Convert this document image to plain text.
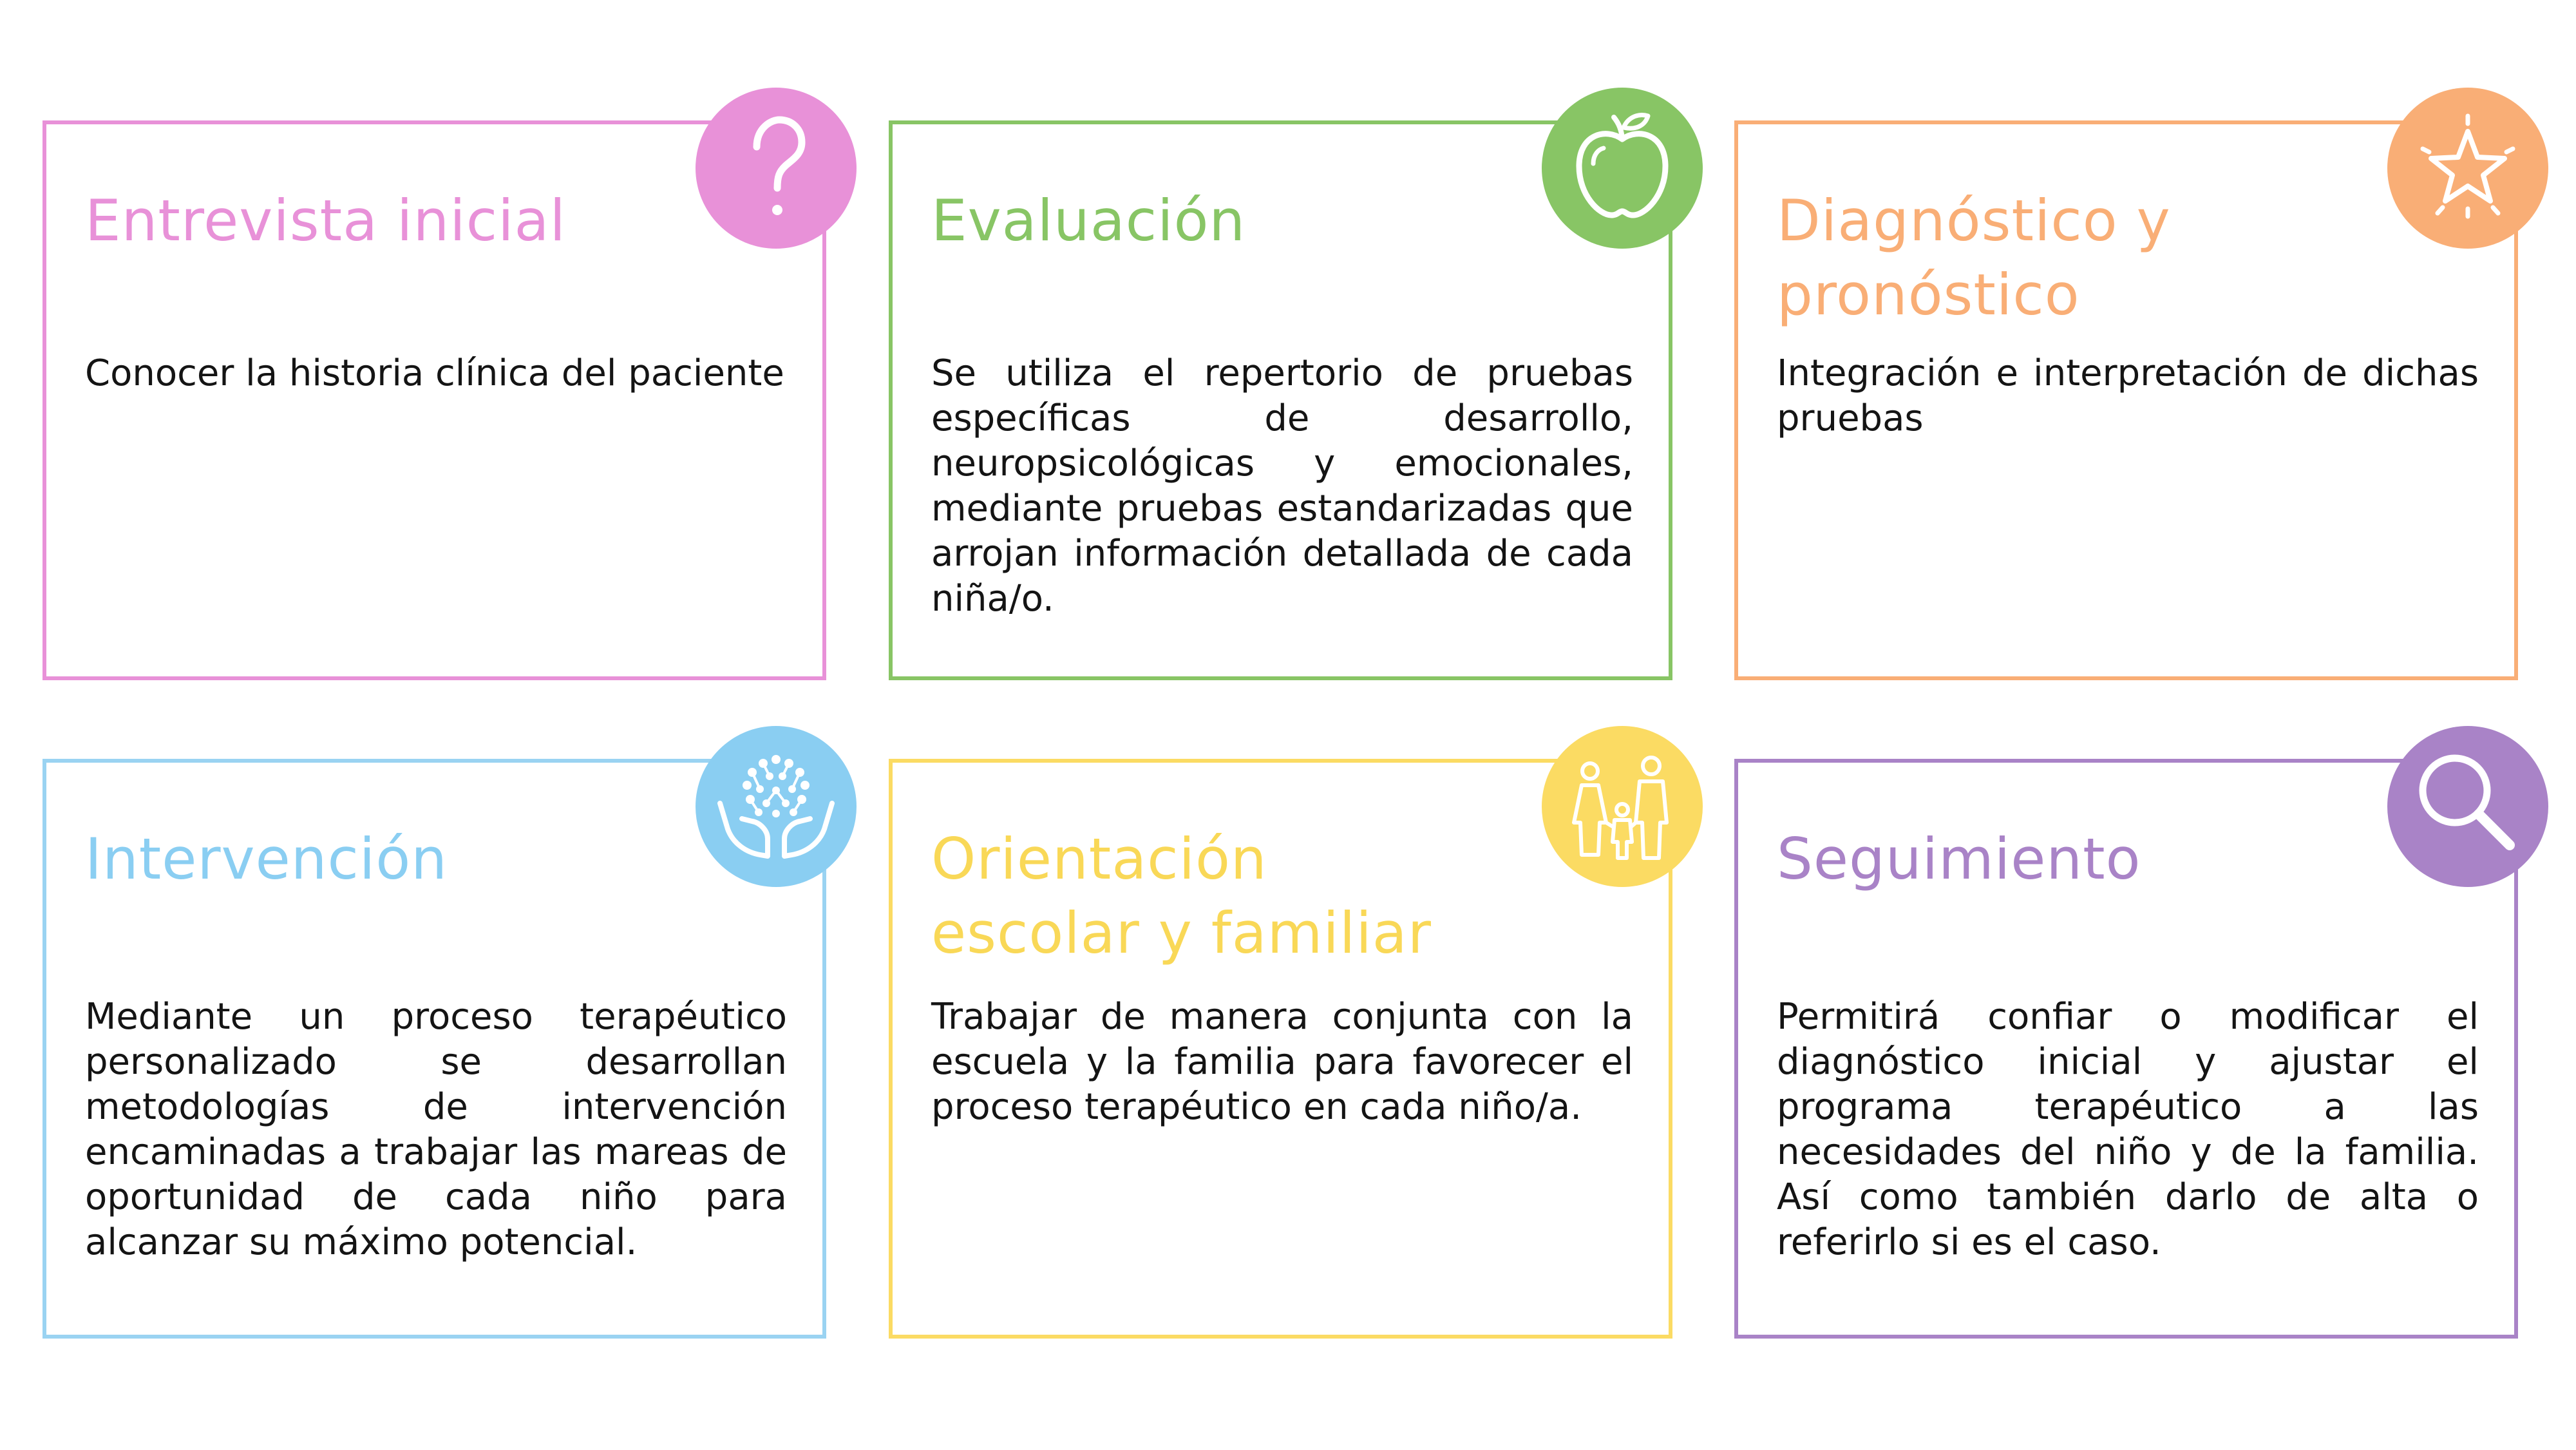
Entrevista inicial
Conocer la historia clínica del paciente
Evaluación
Se utiliza el repertorio de pruebas específicas de desarrollo, neuropsicológicas y emocionales, mediante pruebas estandarizadas que arrojan información detallada de cada niña/o.
Diagnóstico y
pronóstico
Integración e interpretación de dichas pruebas
Intervención
Mediante un proceso terapéutico personalizado se desarrollan metodologías de intervención encaminadas a trabajar las mareas de oportunidad de cada niño para alcanzar su máximo potencial.
Orientación
escolar y familiar
Trabajar de manera conjunta con la escuela y la familia para favorecer el proceso terapéutico en cada niño/a.
Seguimiento
Permitirá confiar o modificar el diagnóstico inicial y ajustar el programa terapéutico a las necesidades del niño y de la familia. Así como también darlo de alta o referirlo si es el caso.
